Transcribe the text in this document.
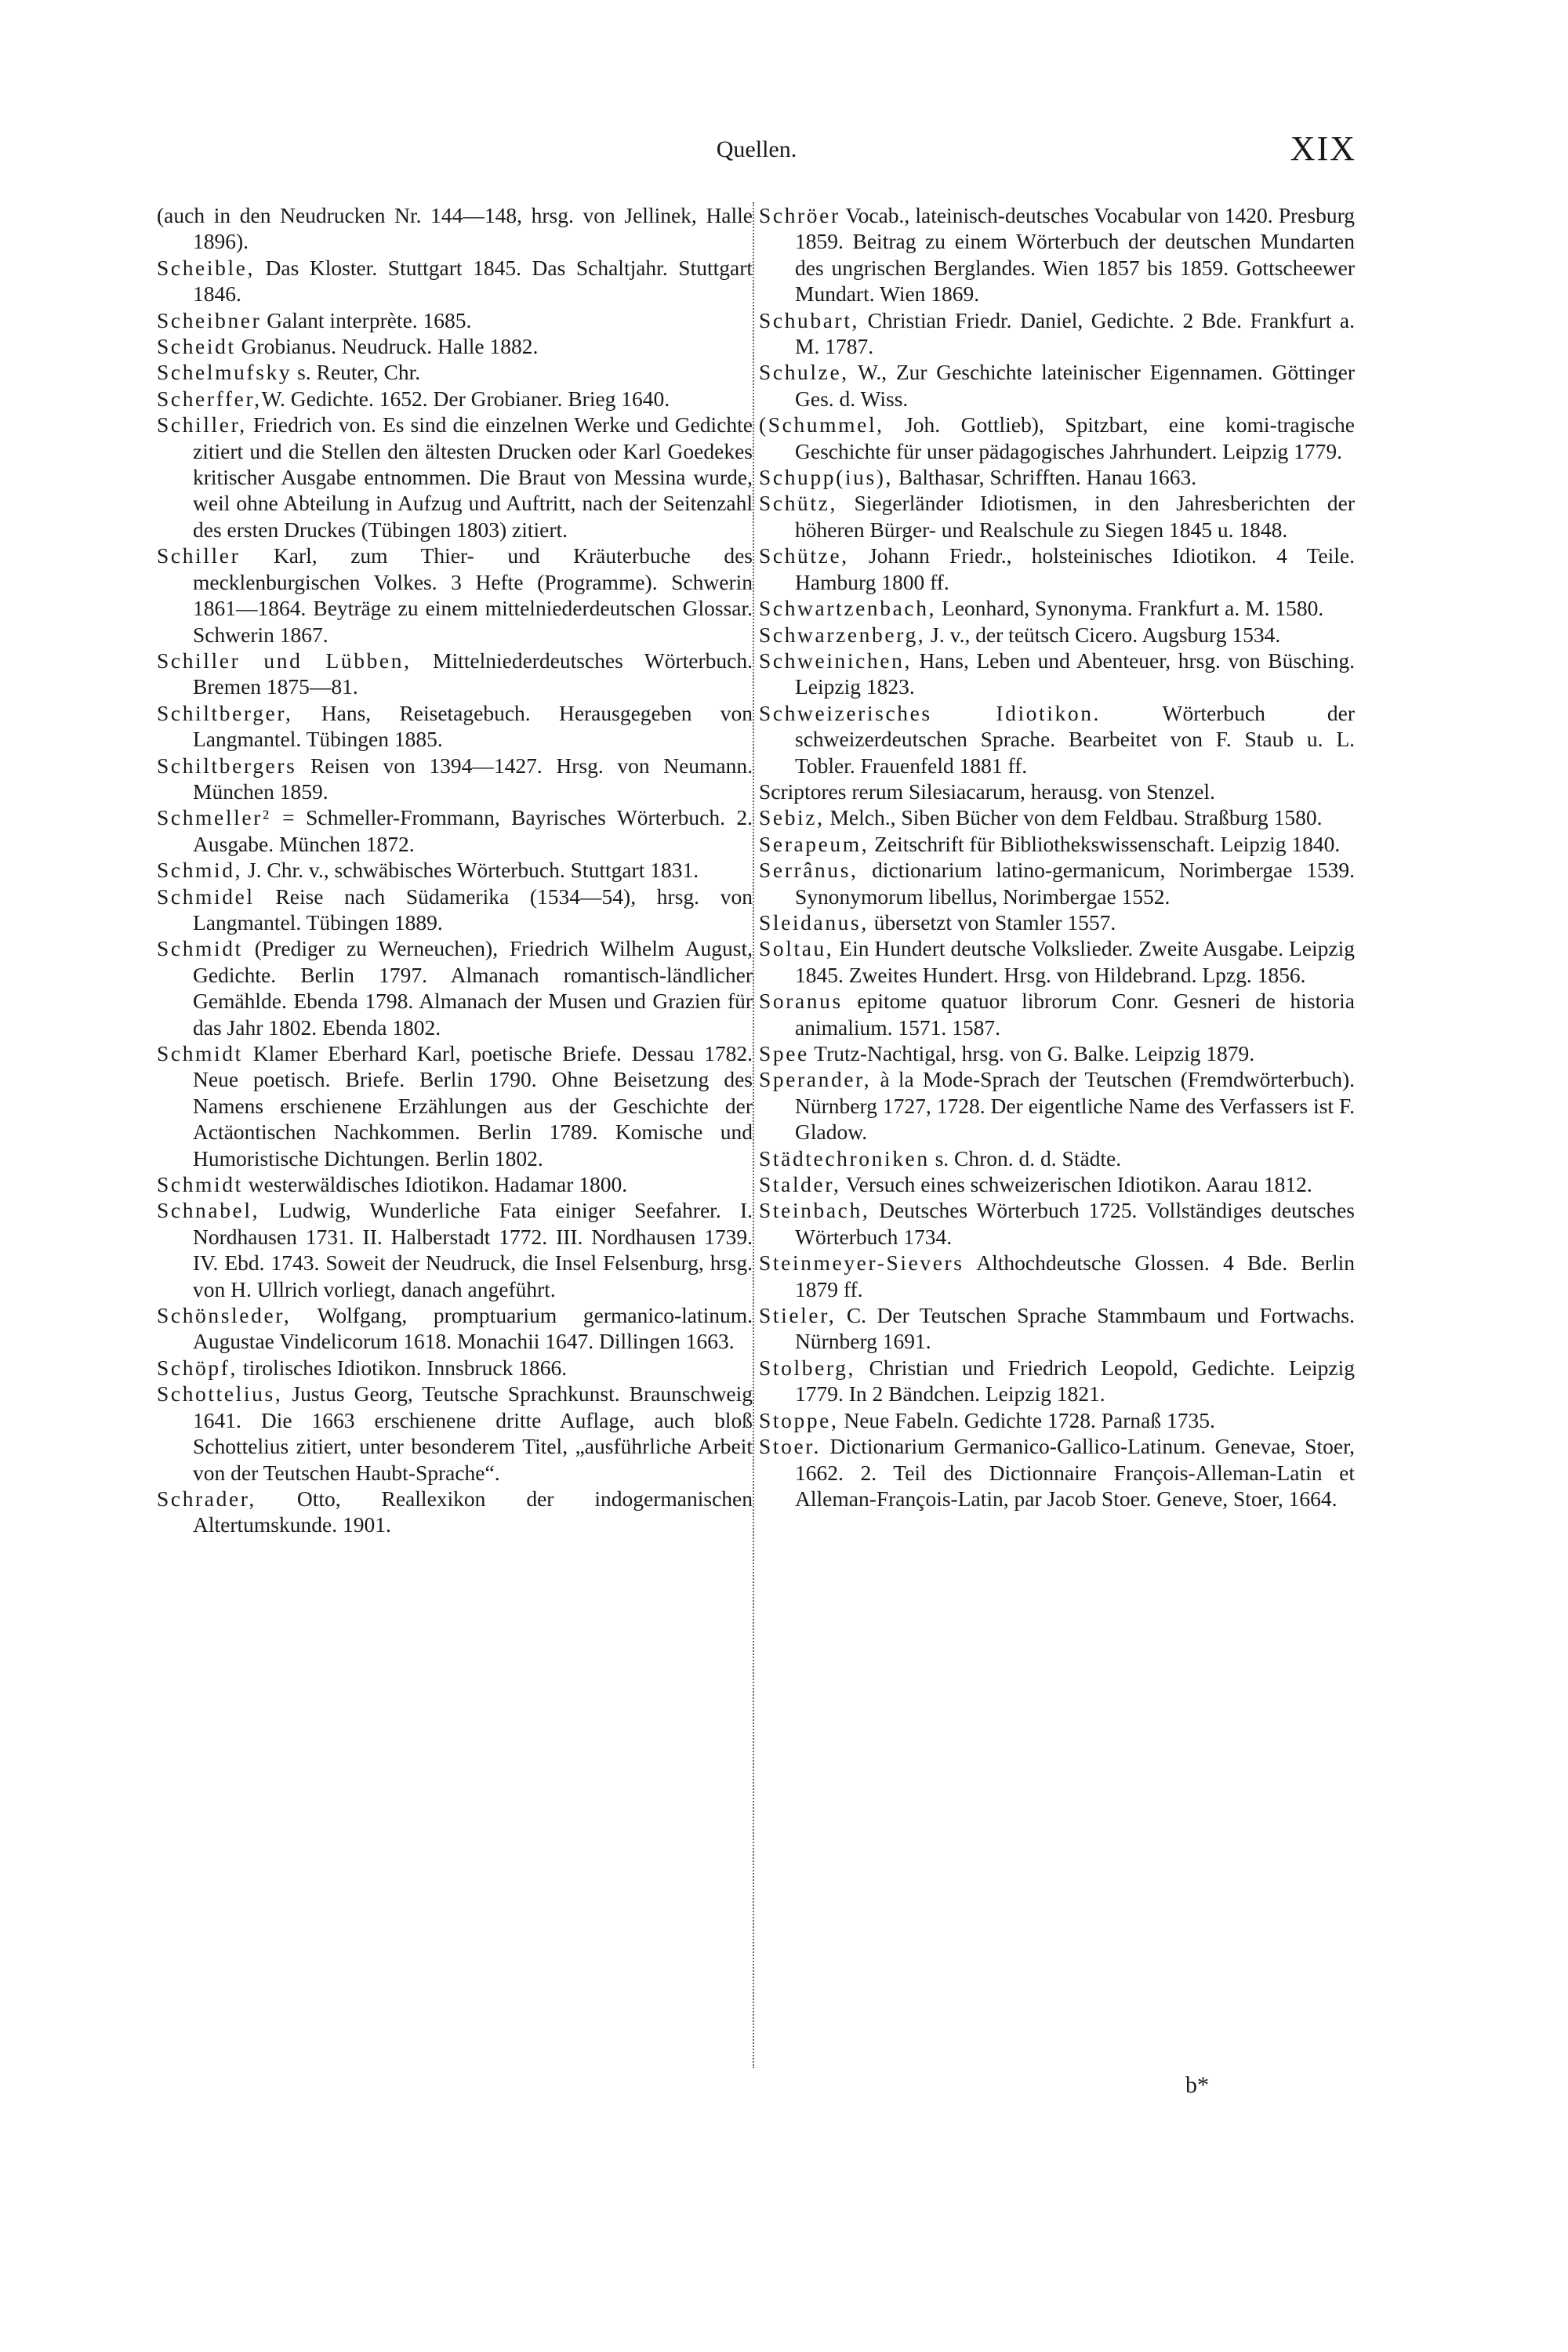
Quellen.	XIX

(auch in den Neudrucken Nr. 144—148, hrsg. von Jellinek, Halle 1896).

Scheible, Das Kloster. Stuttgart 1845. Das Schaltjahr. Stuttgart 1846.

Scheibner Galant interprète. 1685.

Scheidt Grobianus. Neudruck. Halle 1882.

Schelmufsky s. Reuter, Chr.

Scherffer,W. Gedichte. 1652. Der Grobianer. Brieg 1640.

Schiller, Friedrich von. Es sind die einzelnen Werke und Gedichte zitiert und die Stellen den ältesten Drucken oder Karl Goedekes kritischer Ausgabe entnommen. Die Braut von Messina wurde, weil ohne Abteilung in Aufzug und Auftritt, nach der Seitenzahl des ersten Druckes (Tübingen 1803) zitiert.

Schiller Karl, zum Thier- und Kräuterbuche des mecklenburgischen Volkes. 3 Hefte (Programme). Schwerin 1861—1864. Beyträge zu einem mittelniederdeutschen Glossar. Schwerin 1867.

Schiller und Lübben, Mittelniederdeutsches Wörterbuch. Bremen 1875—81.

Schiltberger, Hans, Reisetagebuch. Herausgegeben von Langmantel. Tübingen 1885.

Schiltbergers Reisen von 1394—1427. Hrsg. von Neumann. München 1859.

Schmeller² = Schmeller-Frommann, Bayrisches Wörterbuch. 2. Ausgabe. München 1872.

Schmid, J. Chr. v., schwäbisches Wörterbuch. Stuttgart 1831.

Schmidel Reise nach Südamerika (1534—54), hrsg. von Langmantel. Tübingen 1889.

Schmidt (Prediger zu Werneuchen), Friedrich Wilhelm August, Gedichte. Berlin 1797. Almanach romantisch-ländlicher Gemählde. Ebenda 1798. Almanach der Musen und Grazien für das Jahr 1802. Ebenda 1802.

Schmidt Klamer Eberhard Karl, poetische Briefe. Dessau 1782. Neue poetisch. Briefe. Berlin 1790. Ohne Beisetzung des Namens erschienene Erzählungen aus der Geschichte der Actäontischen Nachkommen. Berlin 1789. Komische und Humoristische Dichtungen. Berlin 1802.

Schmidt westerwäldisches Idiotikon. Hadamar 1800.

Schnabel, Ludwig, Wunderliche Fata einiger Seefahrer. I. Nordhausen 1731. II. Halberstadt 1772. III. Nordhausen 1739. IV. Ebd. 1743. Soweit der Neudruck, die Insel Felsenburg, hrsg. von H. Ullrich vorliegt, danach angeführt.

Schönsleder, Wolfgang, promptuarium germanico-latinum. Augustae Vindelicorum 1618. Monachii 1647. Dillingen 1663.

Schöpf, tirolisches Idiotikon. Innsbruck 1866.

Schottelius, Justus Georg, Teutsche Sprachkunst. Braunschweig 1641. Die 1663 erschienene dritte Auflage, auch bloß Schottelius zitiert, unter besonderem Titel, „ausführliche Arbeit von der Teutschen Haubt-Sprache“.

Schrader, Otto, Reallexikon der indogermanischen Altertumskunde. 1901.

Schröer Vocab., lateinisch-deutsches Vocabular von 1420. Presburg 1859. Beitrag zu einem Wörterbuch der deutschen Mundarten des ungrischen Berglandes. Wien 1857 bis 1859. Gottscheewer Mundart. Wien 1869.

Schubart, Christian Friedr. Daniel, Gedichte. 2 Bde. Frankfurt a. M. 1787.

Schulze, W., Zur Geschichte lateinischer Eigennamen. Göttinger Ges. d. Wiss.

(Schummel, Joh. Gottlieb), Spitzbart, eine komi-tragische Geschichte für unser pädagogisches Jahrhundert. Leipzig 1779.

Schupp(ius), Balthasar, Schrifften. Hanau 1663.

Schütz, Siegerländer Idiotismen, in den Jahresberichten der höheren Bürger- und Realschule zu Siegen 1845 u. 1848.

Schütze, Johann Friedr., holsteinisches Idiotikon. 4 Teile. Hamburg 1800 ff.

Schwartzenbach, Leonhard, Synonyma. Frankfurt a. M. 1580.

Schwarzenberg, J. v., der teütsch Cicero. Augsburg 1534.

Schweinichen, Hans, Leben und Abenteuer, hrsg. von Büsching. Leipzig 1823.

Schweizerisches Idiotikon. Wörterbuch der schweizerdeutschen Sprache. Bearbeitet von F. Staub u. L. Tobler. Frauenfeld 1881 ff.

Scriptores rerum Silesiacarum, herausg. von Stenzel.

Sebiz, Melch., Siben Bücher von dem Feldbau. Straßburg 1580.

Serapeum, Zeitschrift für Bibliothekswissenschaft. Leipzig 1840.

Serrânus, dictionarium latino-germanicum, Norimbergae 1539. Synonymorum libellus, Norimbergae 1552.

Sleidanus, übersetzt von Stamler 1557.

Soltau, Ein Hundert deutsche Volkslieder. Zweite Ausgabe. Leipzig 1845. Zweites Hundert. Hrsg. von Hildebrand. Lpzg. 1856.

Soranus epitome quatuor librorum Conr. Gesneri de historia animalium. 1571. 1587.

Spee Trutz-Nachtigal, hrsg. von G. Balke. Leipzig 1879.

Sperander, à la Mode-Sprach der Teutschen (Fremdwörterbuch). Nürnberg 1727, 1728. Der eigentliche Name des Verfassers ist F. Gladow.

Städtechroniken s. Chron. d. d. Städte.

Stalder, Versuch eines schweizerischen Idiotikon. Aarau 1812.

Steinbach, Deutsches Wörterbuch 1725. Vollständiges deutsches Wörterbuch 1734.

Steinmeyer-Sievers Althochdeutsche Glossen. 4 Bde. Berlin 1879 ff.

Stieler, C. Der Teutschen Sprache Stammbaum und Fortwachs. Nürnberg 1691.

Stolberg, Christian und Friedrich Leopold, Gedichte. Leipzig 1779. In 2 Bändchen. Leipzig 1821.

Stoppe, Neue Fabeln. Gedichte 1728. Parnaß 1735.

Stoer. Dictionarium Germanico-Gallico-Latinum. Genevae, Stoer, 1662. 2. Teil des Dictionnaire François-Alleman-Latin et Alleman-François-Latin, par Jacob Stoer. Geneve, Stoer, 1664.

b*
